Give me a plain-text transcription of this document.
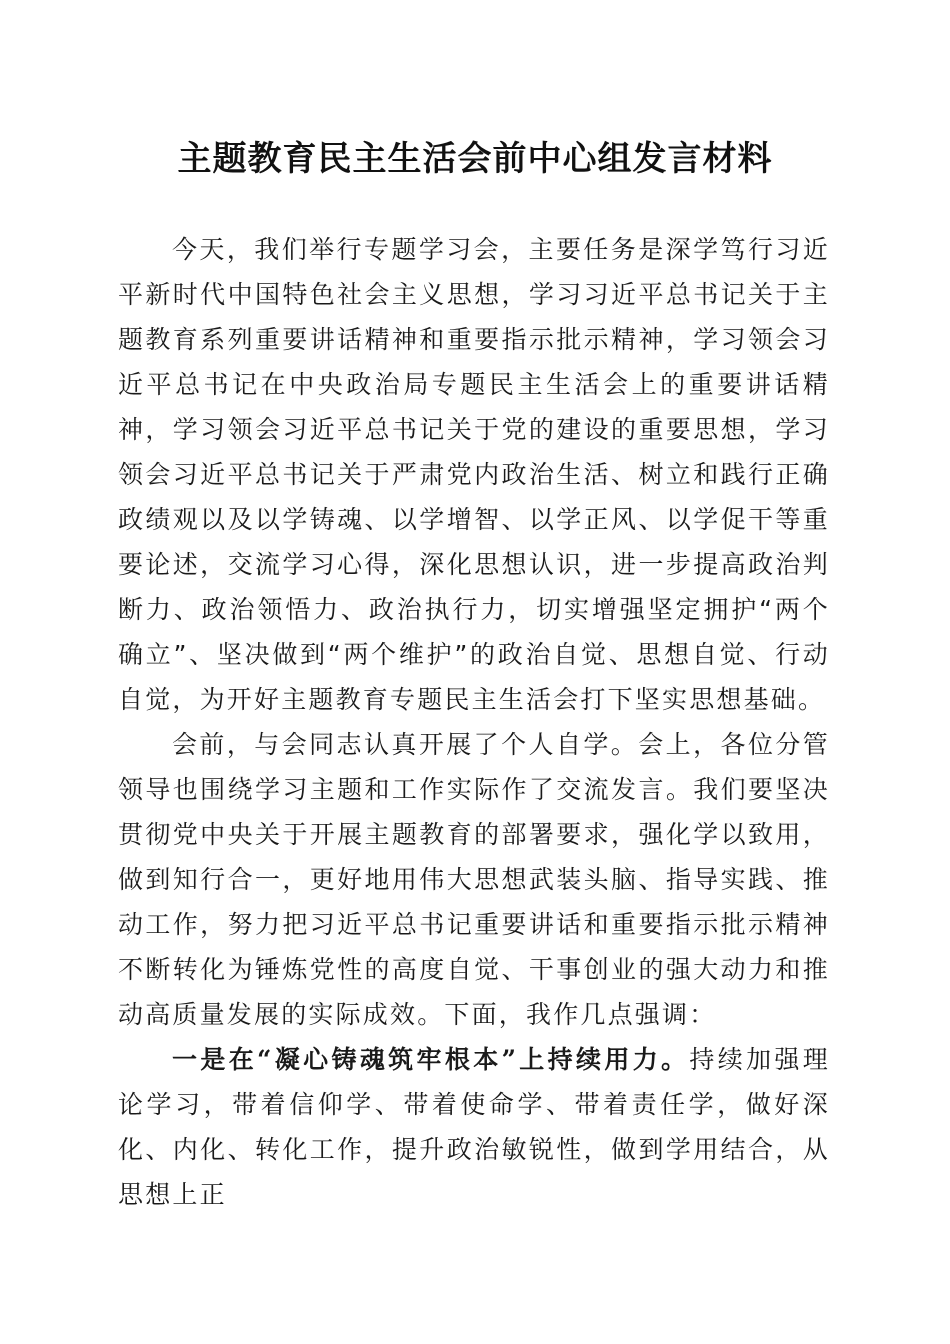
主题教育民主生活会前中心组发言材料

今天，我们举行专题学习会，主要任务是深学笃行习近平新时代中国特色社会主义思想，学习习近平总书记关于主题教育系列重要讲话精神和重要指示批示精神，学习领会习近平总书记在中央政治局专题民主生活会上的重要讲话精神，学习领会习近平总书记关于党的建设的重要思想，学习领会习近平总书记关于严肃党内政治生活、树立和践行正确政绩观以及以学铸魂、以学增智、以学正风、以学促干等重要论述，交流学习心得，深化思想认识，进一步提高政治判断力、政治领悟力、政治执行力，切实增强坚定拥护“两个确立”、坚决做到“两个维护”的政治自觉、思想自觉、行动自觉，为开好主题教育专题民主生活会打下坚实思想基础。

会前，与会同志认真开展了个人自学。会上，各位分管领导也围绕学习主题和工作实际作了交流发言。我们要坚决贯彻党中央关于开展主题教育的部署要求，强化学以致用，做到知行合一，更好地用伟大思想武装头脑、指导实践、推动工作，努力把习近平总书记重要讲话和重要指示批示精神不断转化为锤炼党性的高度自觉、干事创业的强大动力和推动高质量发展的实际成效。下面，我作几点强调：

一是在“凝心铸魂筑牢根本”上持续用力。持续加强理论学习，带着信仰学、带着使命学、带着责任学，做好深化、内化、转化工作，提升政治敏锐性，做到学用结合，从思想上正
